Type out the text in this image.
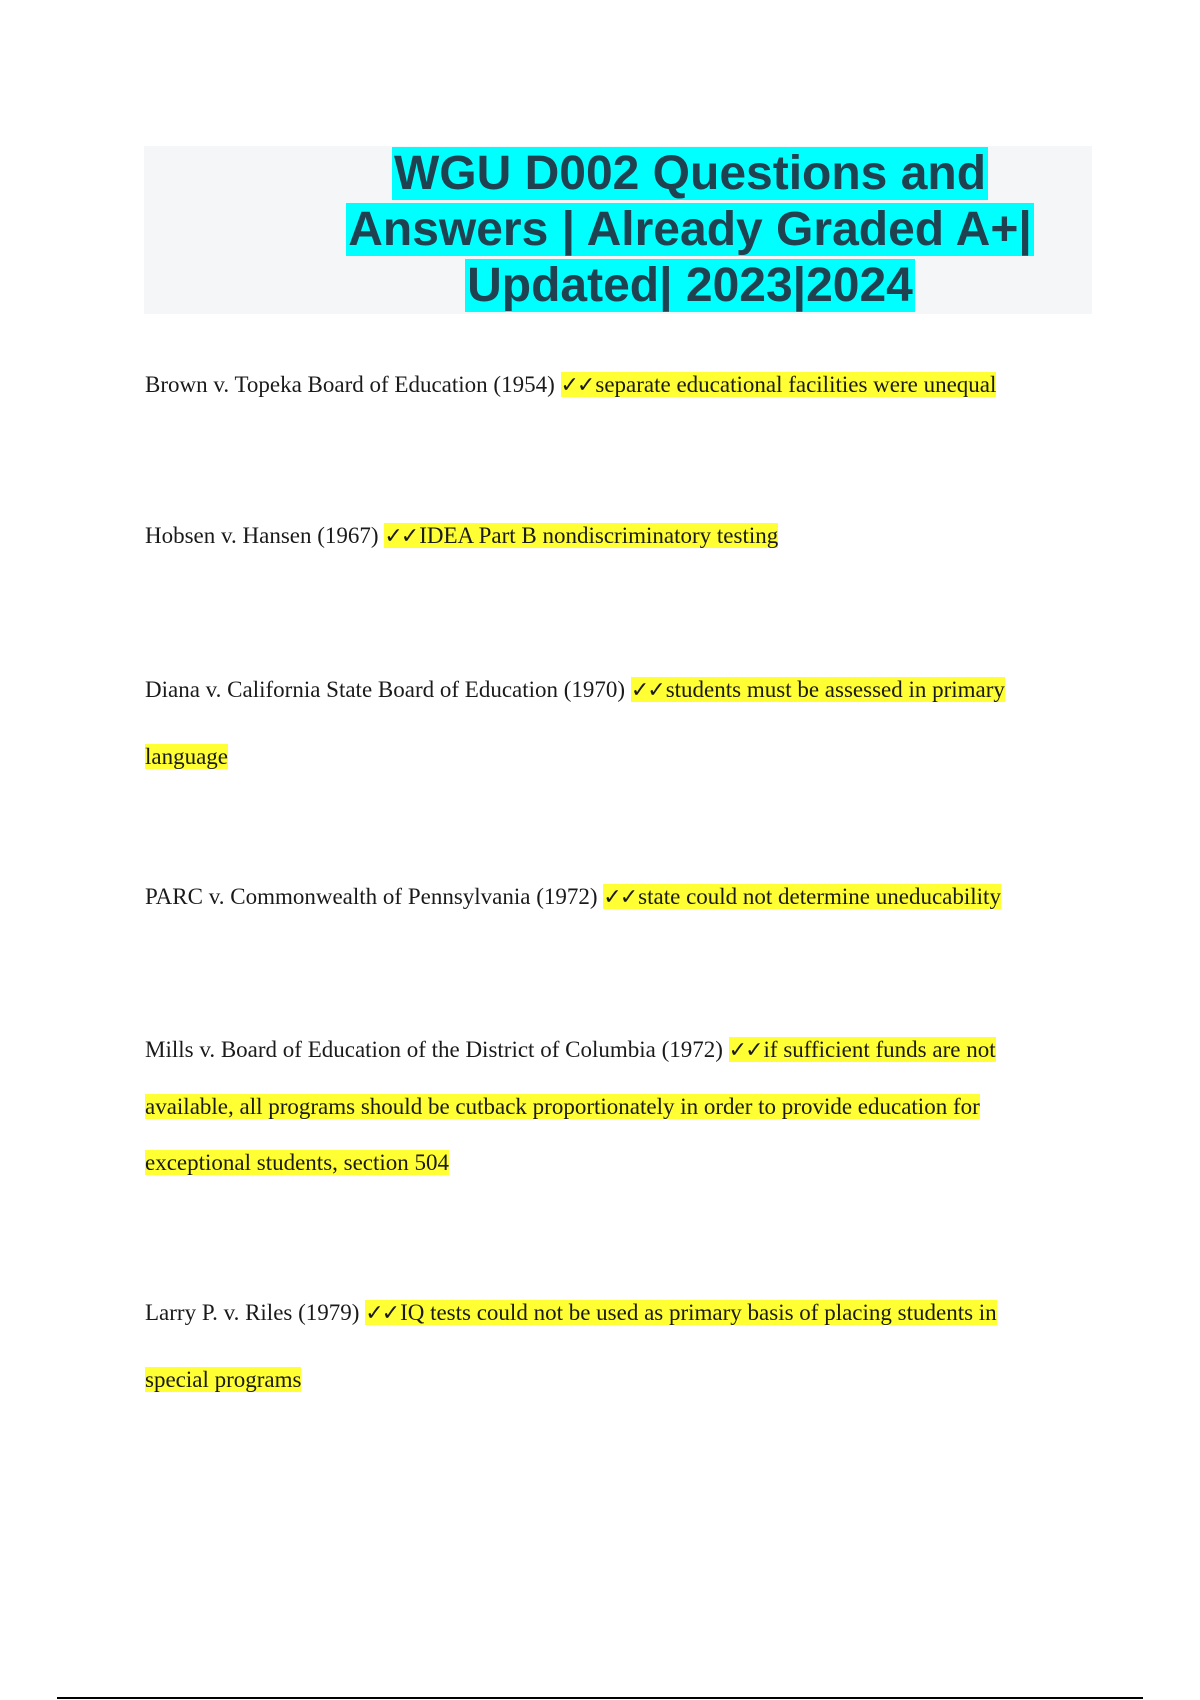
WGU D002 Questions and Answers | Already Graded A+| Updated| 2023|2024

Brown v. Topeka Board of Education (1954) ✓✓separate educational facilities were unequal

Hobsen v. Hansen (1967) ✓✓IDEA Part B nondiscriminatory testing

Diana v. California State Board of Education (1970) ✓✓students must be assessed in primary language

PARC v. Commonwealth of Pennsylvania (1972) ✓✓state could not determine uneducability

Mills v. Board of Education of the District of Columbia (1972) ✓✓if sufficient funds are not available, all programs should be cutback proportionately in order to provide education for exceptional students, section 504

Larry P. v. Riles (1979) ✓✓IQ tests could not be used as primary basis of placing students in special programs
